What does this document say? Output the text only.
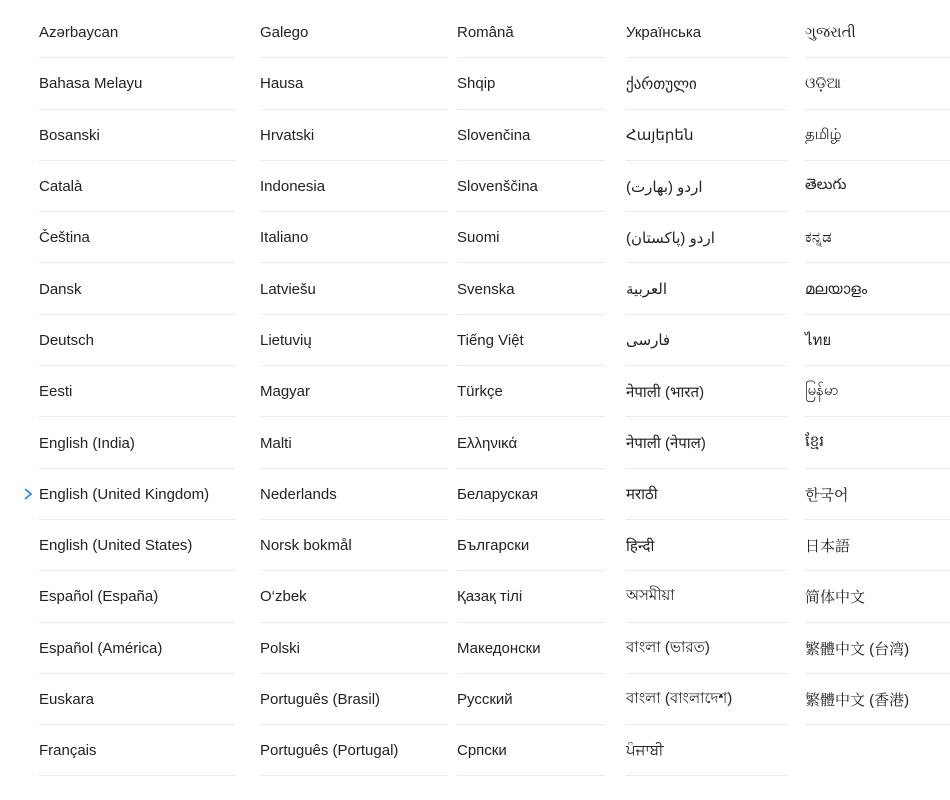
Azərbaycan
Bahasa Melayu
Bosanski
Català
Čeština
Dansk
Deutsch
Eesti
English (India)
English (United Kingdom)
English (United States)
Español (España)
Español (América)
Euskara
Français
Galego
Hausa
Hrvatski
Indonesia
Italiano
Latviešu
Lietuvių
Magyar
Malti
Nederlands
Norsk bokmål
O‘zbek
Polski
Português (Brasil)
Português (Portugal)
Română
Shqip
Slovenčina
Slovenščina
Suomi
Svenska
Tiếng Việt
Türkçe
Ελληνικά
Беларуская
Български
Қазақ тілі
Македонски
Русский
Српски
Українська
ქართული
Հայերեն
اردو (بھارت)
اردو (پاکستان)
العربية
فارسی
नेपाली (भारत)
नेपाली (नेपाल)
मराठी
हिन्दी
অসমীয়া
বাংলা (ভারত)
বাংলা (বাংলাদেশ)
ਪੰਜਾਬੀ
ગુજરાતી
ଓଡ଼ିଆ
தமிழ்
తెలుగు
ಕನ್ನಡ
മലയാളം
ไทย
မြန်မာ
ខ្មែរ
한국어
日本語
简体中文
繁體中文 (台湾)
繁體中文 (香港)
